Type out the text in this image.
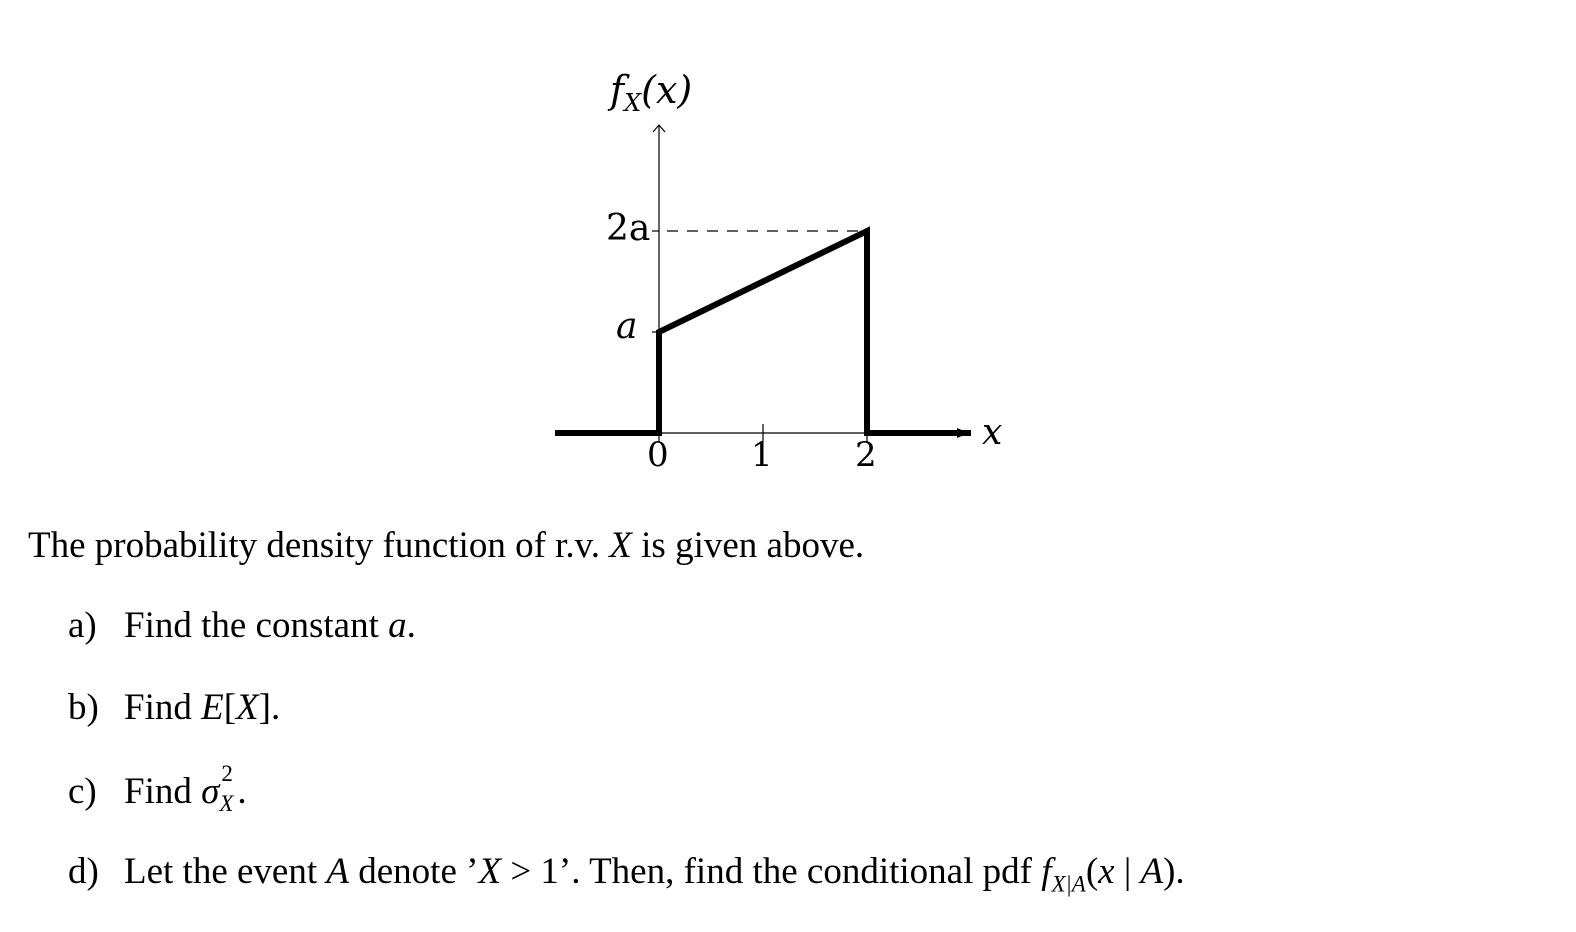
$f_X(x)$
x
2a
a
0 1 2
The probability density function of r.v. X is given above.
a) Find the constant a.
b) Find E[X].
c) Find σ 2
X .
d) Let the event A denote ’X > 1’. Then, find the conditional pdf $f_{X|A}(x$ | A).
